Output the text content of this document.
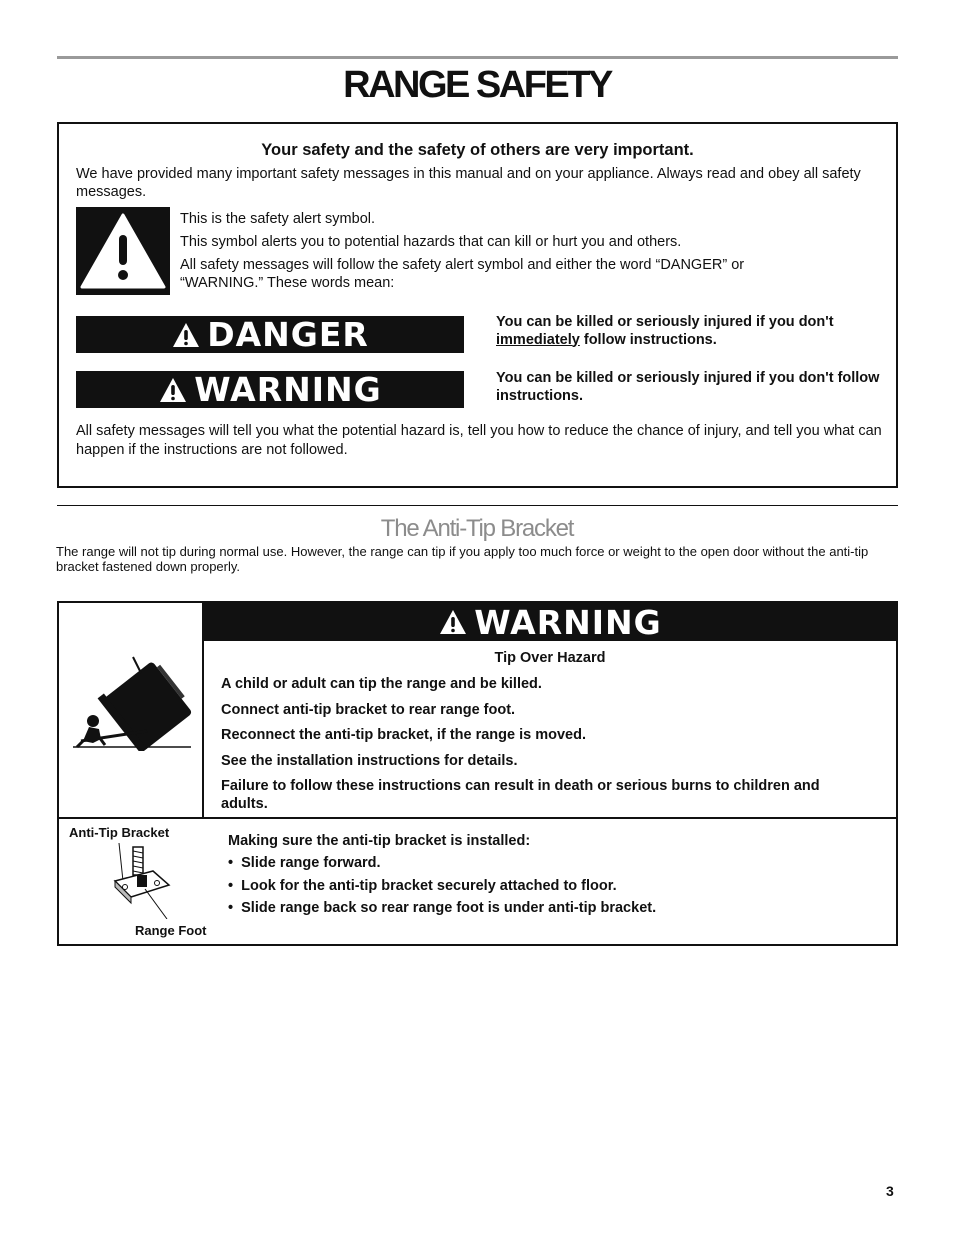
RANGE SAFETY
Your safety and the safety of others are very important.
We have provided many important safety messages in this manual and on your appliance. Always read and obey all safety messages.
This is the safety alert symbol.
This symbol alerts you to potential hazards that can kill or hurt you and others.
All safety messages will follow the safety alert symbol and either the word “DANGER” or “WARNING.” These words mean:
DANGER	You can be killed or seriously injured if you don't immediately follow instructions.
WARNING	You can be killed or seriously injured if you don't follow instructions.
All safety messages will tell you what the potential hazard is, tell you how to reduce the chance of injury, and tell you what can happen if the instructions are not followed.
The Anti-Tip Bracket
The range will not tip during normal use. However, the range can tip if you apply too much force or weight to the open door without the anti-tip bracket fastened down properly.
WARNING
Tip Over Hazard
A child or adult can tip the range and be killed.
Connect anti-tip bracket to rear range foot.
Reconnect the anti-tip bracket, if the range is moved.
See the installation instructions for details.
Failure to follow these instructions can result in death or serious burns to children and adults.
Anti-Tip Bracket
Range Foot
Making sure the anti-tip bracket is installed:
•  Slide range forward.
•  Look for the anti-tip bracket securely attached to floor.
•  Slide range back so rear range foot is under anti-tip bracket.
3
